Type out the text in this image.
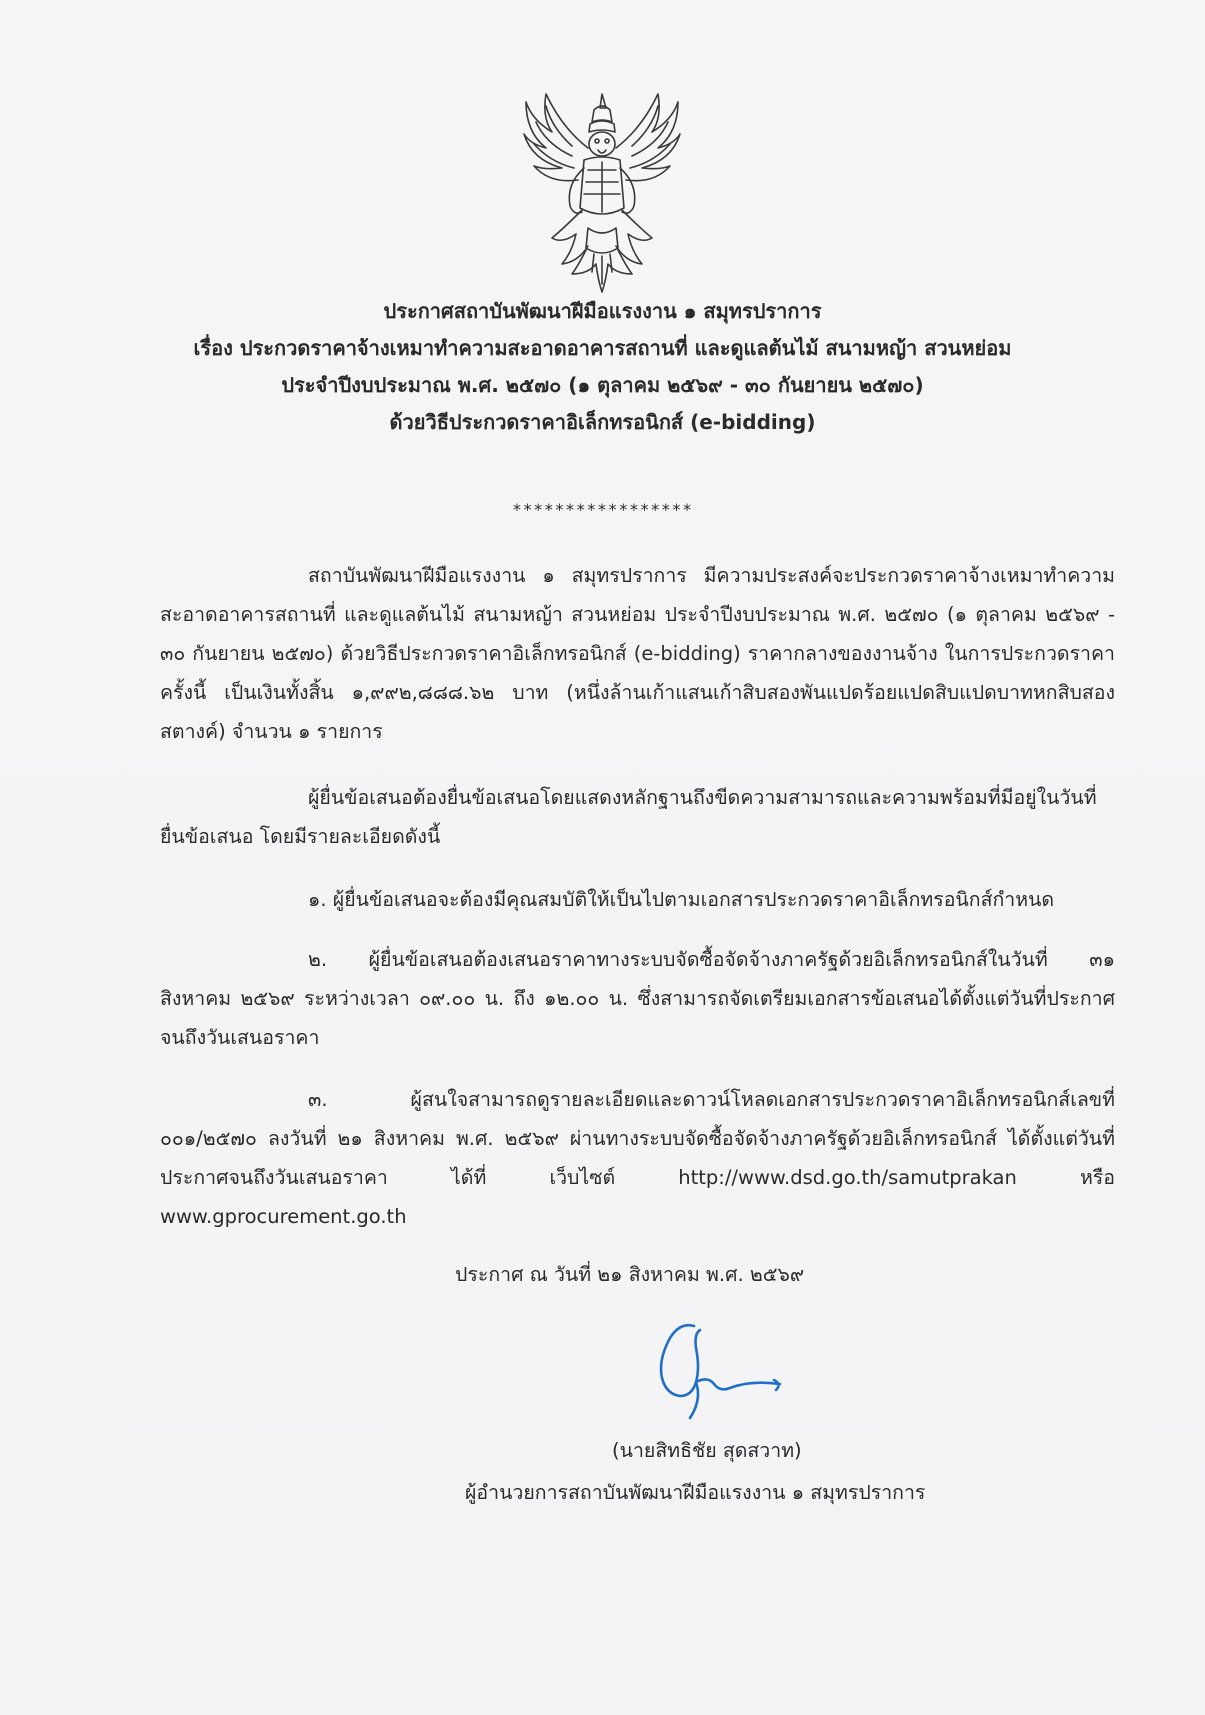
ประกาศสถาบันพัฒนาฝีมือแรงงาน ๑ สมุทรปราการ
เรื่อง ประกวดราคาจ้างเหมาทำความสะอาดอาคารสถานที่ และดูแลต้นไม้ สนามหญ้า สวนหย่อม
ประจำปีงบประมาณ พ.ศ. ๒๕๗๐ (๑ ตุลาคม ๒๕๖๙ - ๓๐ กันยายน ๒๕๗๐)
ด้วยวิธีประกวดราคาอิเล็กทรอนิกส์ (e-bidding)
*****************

สถาบันพัฒนาฝีมือแรงงาน ๑ สมุทรปราการ มีความประสงค์จะประกวดราคาจ้างเหมาทำความสะอาดอาคารสถานที่ และดูแลต้นไม้ สนามหญ้า สวนหย่อม ประจำปีงบประมาณ พ.ศ. ๒๕๗๐ (๑ ตุลาคม ๒๕๖๙ - ๓๐ กันยายน ๒๕๗๐) ด้วยวิธีประกวดราคาอิเล็กทรอนิกส์ (e-bidding) ราคากลางของงานจ้าง ในการประกวดราคาครั้งนี้ เป็นเงินทั้งสิ้น ๑,๙๙๒,๘๘๘.๖๒ บาท (หนึ่งล้านเก้าแสนเก้าสิบสองพันแปดร้อยแปดสิบแปดบาทหกสิบสองสตางค์) จำนวน ๑ รายการ

ผู้ยื่นข้อเสนอต้องยื่นข้อเสนอโดยแสดงหลักฐานถึงขีดความสามารถและความพร้อมที่มีอยู่ในวันที่ยื่นข้อเสนอ โดยมีรายละเอียดดังนี้

๑. ผู้ยื่นข้อเสนอจะต้องมีคุณสมบัติให้เป็นไปตามเอกสารประกวดราคาอิเล็กทรอนิกส์กำหนด

๒. ผู้ยื่นข้อเสนอต้องเสนอราคาทางระบบจัดซื้อจัดจ้างภาครัฐด้วยอิเล็กทรอนิกส์ในวันที่ ๓๑ สิงหาคม ๒๕๖๙ ระหว่างเวลา ๐๙.๐๐ น. ถึง ๑๒.๐๐ น. ซึ่งสามารถจัดเตรียมเอกสารข้อเสนอได้ตั้งแต่วันที่ประกาศจนถึงวันเสนอราคา

๓. ผู้สนใจสามารถดูรายละเอียดและดาวน์โหลดเอกสารประกวดราคาอิเล็กทรอนิกส์เลขที่ ๐๐๑/๒๕๗๐ ลงวันที่ ๒๑ สิงหาคม พ.ศ. ๒๕๖๙ ผ่านทางระบบจัดซื้อจัดจ้างภาครัฐด้วยอิเล็กทรอนิกส์ ได้ตั้งแต่วันที่ประกาศจนถึงวันเสนอราคา ได้ที่ เว็บไซต์ http://www.dsd.go.th/samutprakan หรือ www.gprocurement.go.th

ประกาศ ณ วันที่ ๒๑ สิงหาคม พ.ศ. ๒๕๖๙
(นายสิทธิชัย สุดสวาท)
ผู้อำนวยการสถาบันพัฒนาฝีมือแรงงาน ๑ สมุทรปราการ
